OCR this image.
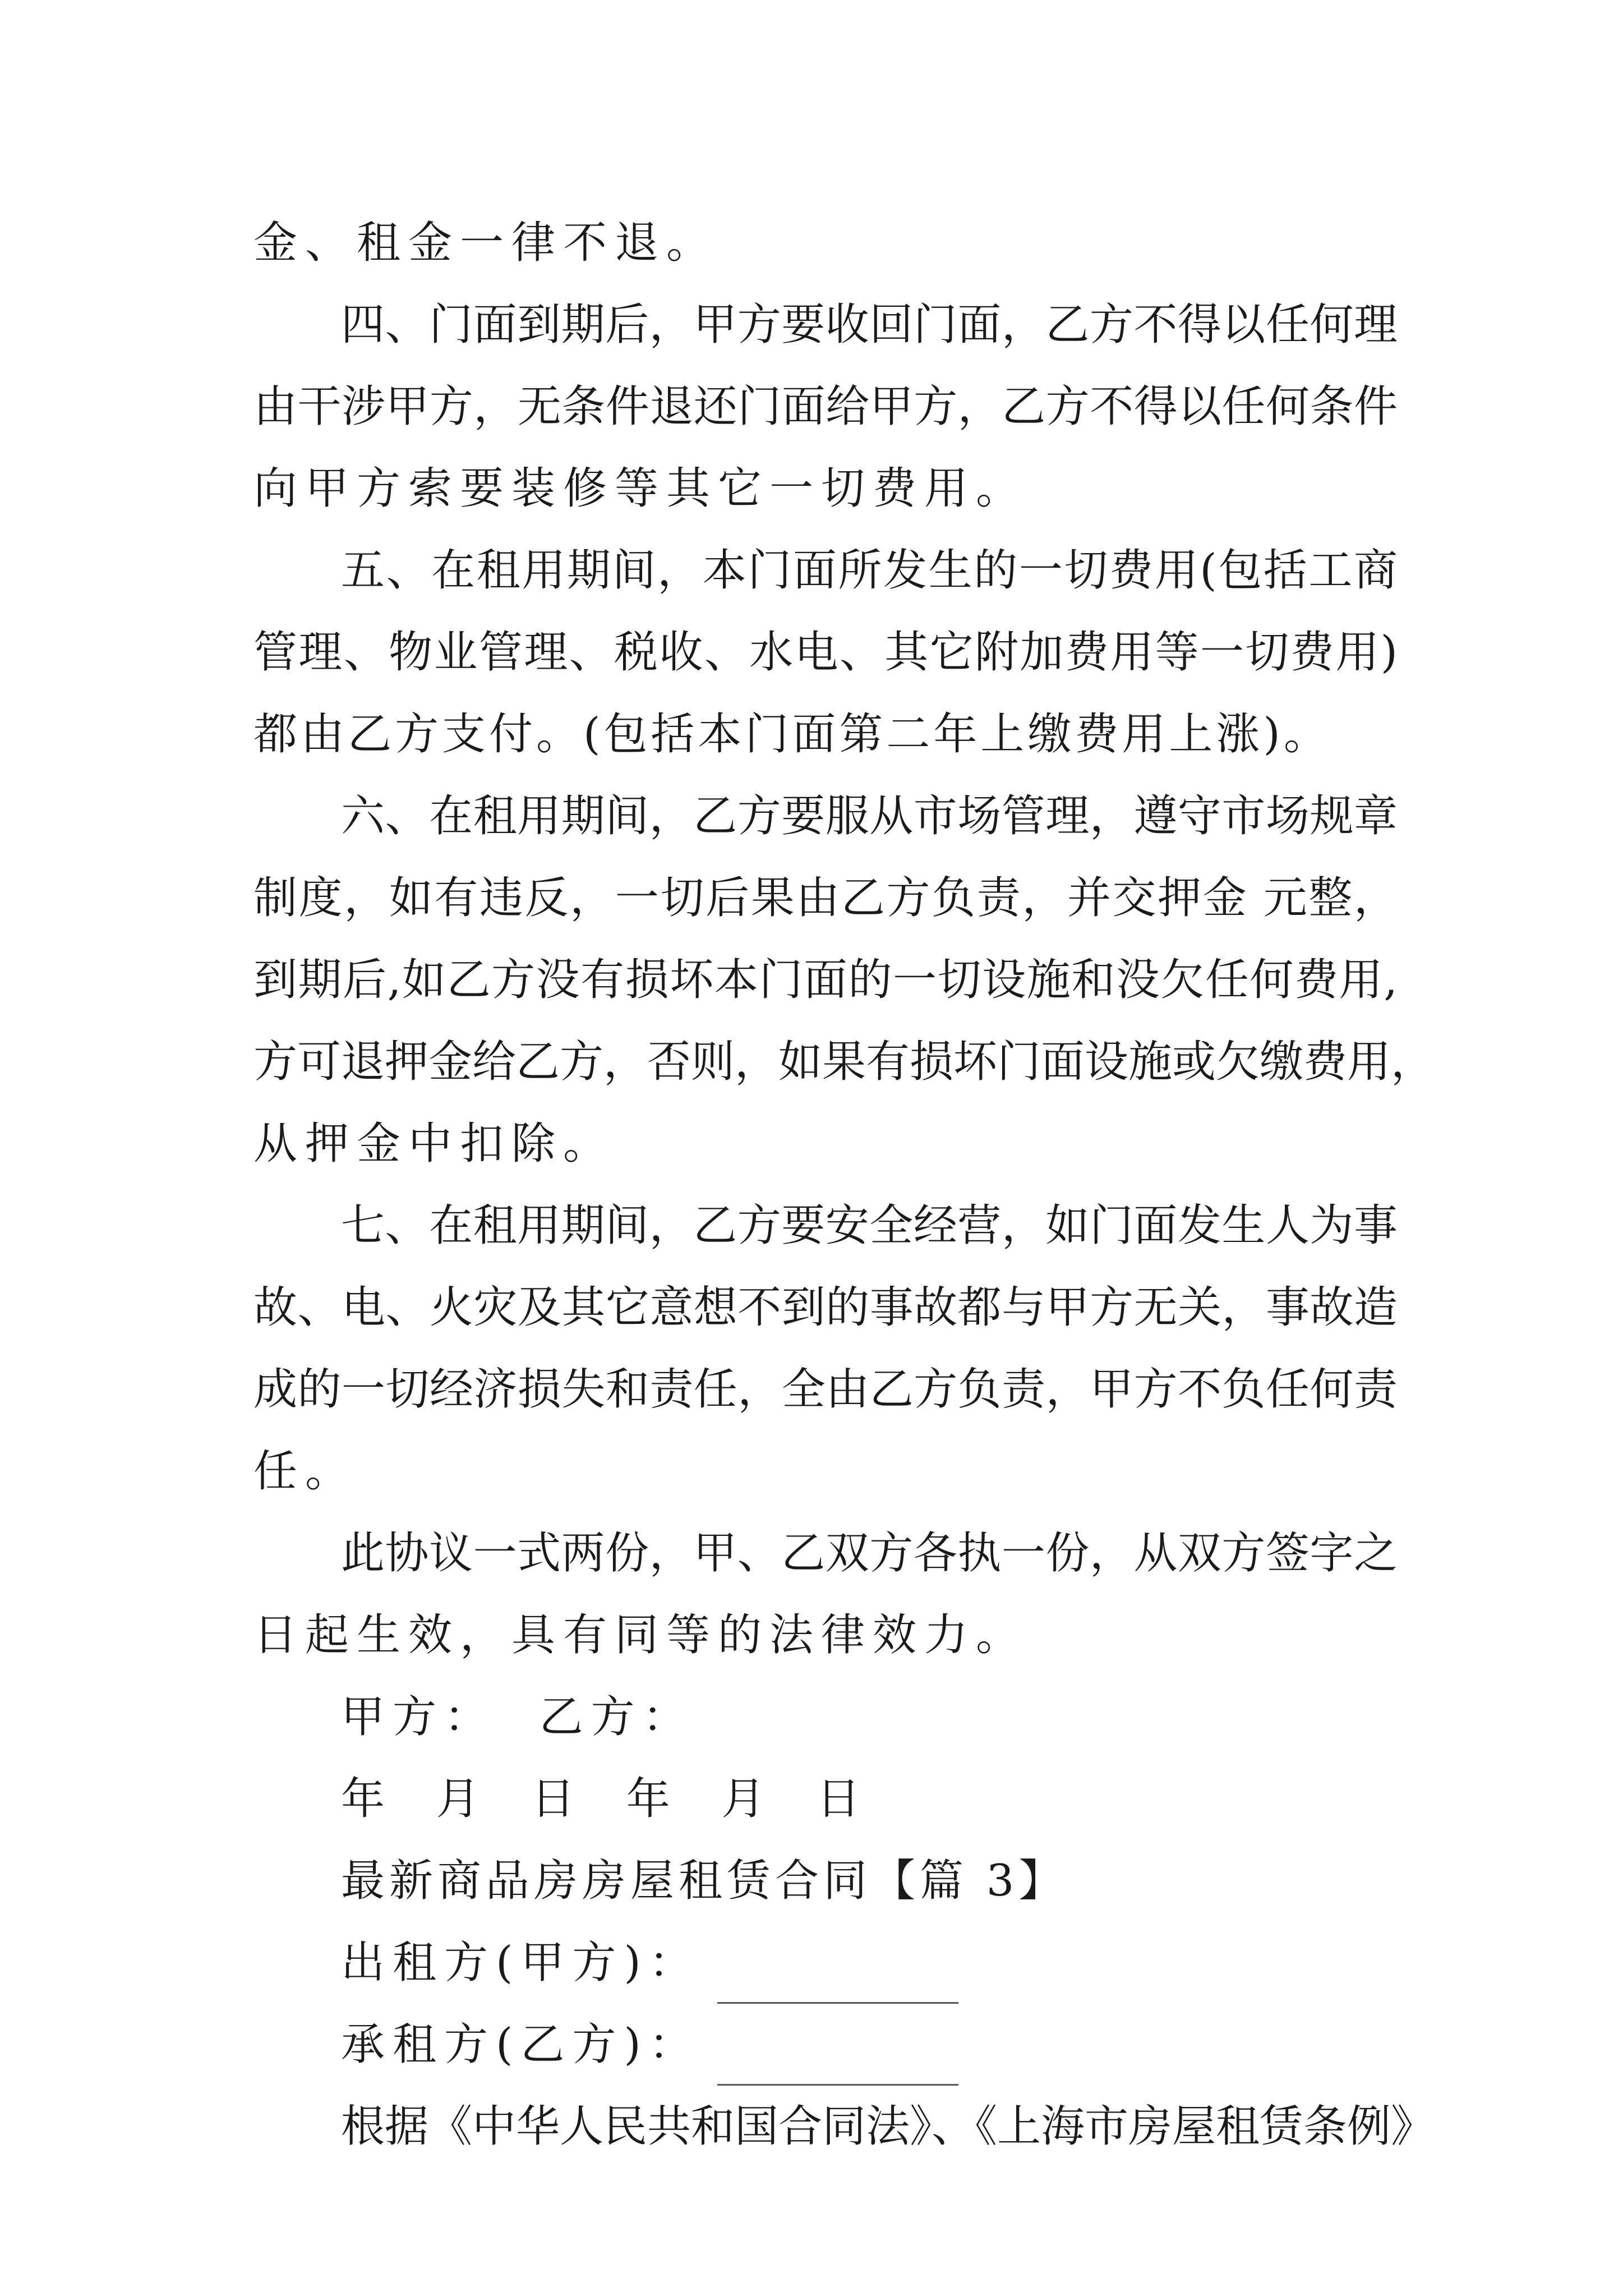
金、租金一律不退。
四、门面到期后，甲方要收回门面，乙方不得以任何理
由干涉甲方，无条件退还门面给甲方，乙方不得以任何条件
向甲方索要装修等其它一切费用。
五、在租用期间，本门面所发生的一切费用(包括工商
管理、物业管理、税收、水电、其它附加费用等一切费用)
都由乙方支付。(包括本门面第二年上缴费用上涨)。
六、在租用期间，乙方要服从市场管理，遵守市场规章
制度，如有违反，一切后果由乙方负责，并交押金 元整，
到期后,如乙方没有损坏本门面的一切设施和没欠任何费用,
方可退押金给乙方，否则，如果有损坏门面设施或欠缴费用，
从押金中扣除。
七、在租用期间，乙方要安全经营，如门面发生人为事
故、电、火灾及其它意想不到的事故都与甲方无关，事故造
成的一切经济损失和责任，全由乙方负责，甲方不负任何责
任。
此协议一式两份，甲、乙双方各执一份，从双方签字之
日起生效，具有同等的法律效力。
甲方：  乙方：
年  月  日  年  月  日
最新商品房房屋租赁合同【篇 3】
出租方(甲方)：
承租方(乙方)：
根据《中华人民共和国合同法》、《上海市房屋租赁条例》
